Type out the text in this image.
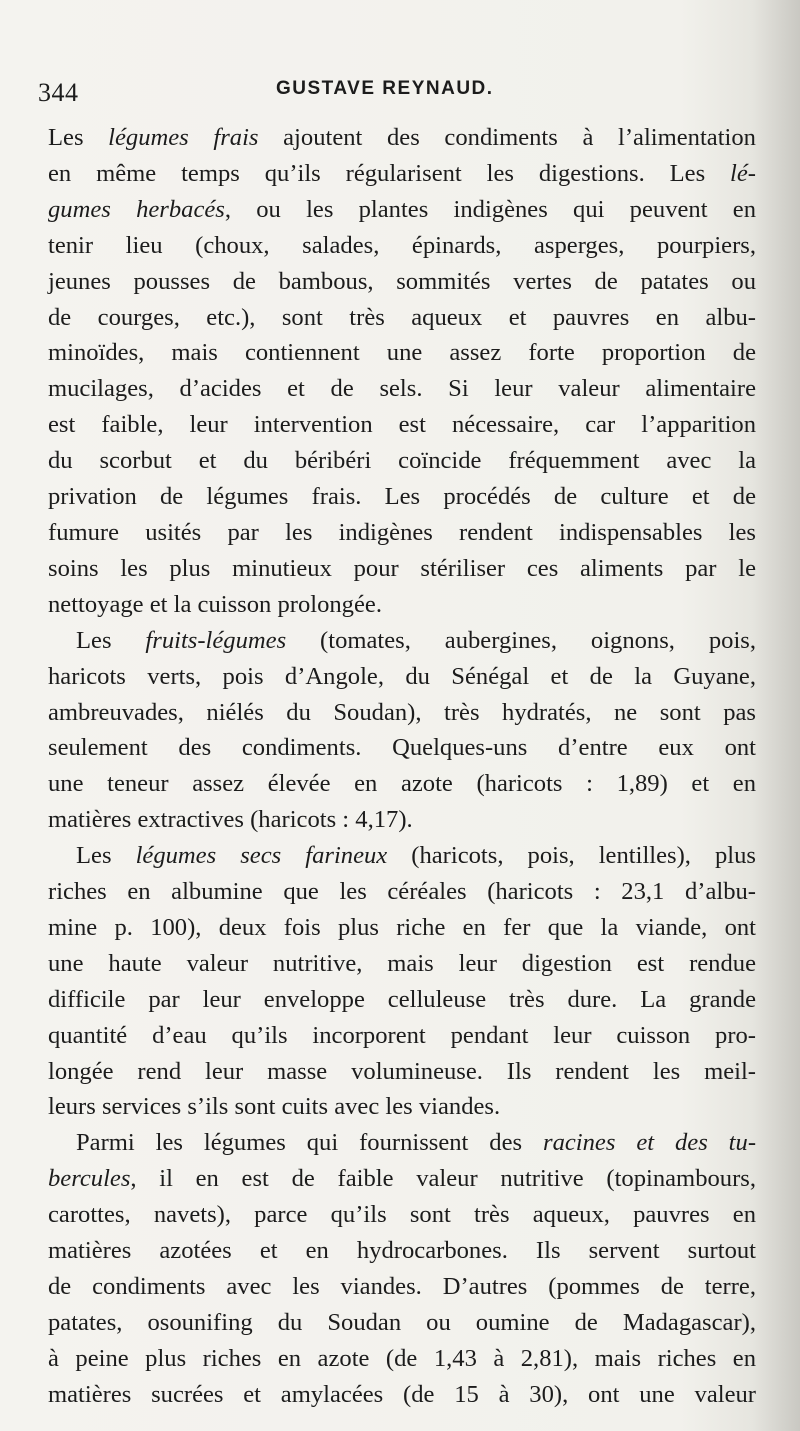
344	GUSTAVE REYNAUD.
Les légumes frais ajoutent des condiments à l’alimentation
en même temps qu’ils régularisent les digestions. Les lé-
gumes herbacés, ou les plantes indigènes qui peuvent en
tenir lieu (choux, salades, épinards, asperges, pourpiers,
jeunes pousses de bambous, sommités vertes de patates ou
de courges, etc.), sont très aqueux et pauvres en albu-
minoïdes, mais contiennent une assez forte proportion de
mucilages, d’acides et de sels. Si leur valeur alimentaire
est faible, leur intervention est nécessaire, car l’apparition
du scorbut et du béribéri coïncide fréquemment avec la
privation de légumes frais. Les procédés de culture et de
fumure usités par les indigènes rendent indispensables les
soins les plus minutieux pour stériliser ces aliments par le
nettoyage et la cuisson prolongée.
Les fruits-légumes (tomates, aubergines, oignons, pois,
haricots verts, pois d’Angole, du Sénégal et de la Guyane,
ambreuvades, niélés du Soudan), très hydratés, ne sont pas
seulement des condiments. Quelques-uns d’entre eux ont
une teneur assez élevée en azote (haricots : 1,89) et en
matières extractives (haricots : 4,17).
Les légumes secs farineux (haricots, pois, lentilles), plus
riches en albumine que les céréales (haricots : 23,1 d’albu-
mine p. 100), deux fois plus riche en fer que la viande, ont
une haute valeur nutritive, mais leur digestion est rendue
difficile par leur enveloppe celluleuse très dure. La grande
quantité d’eau qu’ils incorporent pendant leur cuisson pro-
longée rend leur masse volumineuse. Ils rendent les meil-
leurs services s’ils sont cuits avec les viandes.
Parmi les légumes qui fournissent des racines et des tu-
bercules, il en est de faible valeur nutritive (topinambours,
carottes, navets), parce qu’ils sont très aqueux, pauvres en
matières azotées et en hydrocarbones. Ils servent surtout
de condiments avec les viandes. D’autres (pommes de terre,
patates, osounifing du Soudan ou oumine de Madagascar),
à peine plus riches en azote (de 1,43 à 2,81), mais riches en
matières sucrées et amylacées (de 15 à 30), ont une valeur
